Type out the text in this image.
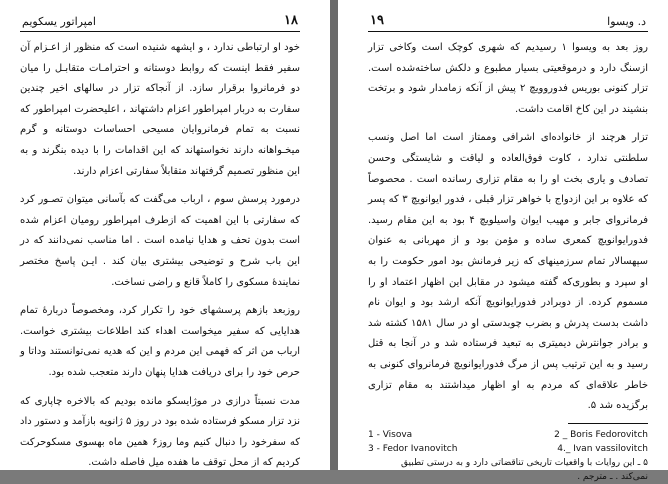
امپراتور یسکویم	۱۸

خود او ارتباطی ندارد ، و ایشهه شنیده است که منظور از اعـزام آن سفیر فقط اینست که روابط دوستانه و احترامـات متقابـل را میان دو فرمانروا برقرار سازد. از آنجاکه تزار در سالهای اخیر چندین سفارت به دربار امپراطور اعزام داشتهاند ، اعلیحضرت امپراطور که نسبت به تمام فرمانروایان مسیحی احساسات دوستانه و گرم میخـواهانه دارند نخواستهاند که این اقدامات را با دیده بنگرند و به این منظور تصمیم گرفتهاند متقابلاً سفارتی اعزام دارند.

درمورد پرسش سوم ، ارباب می‌گفت که بآسانی میتوان تصـور کرد که سفارتی با این اهمیت که ازطرف امپراطور رومیان اعزام شده است بدون تحف و هدایا نیامده است . اما مناسب نمی‌دانند که در این باب شرح و توضیحی بیشتری بیان کند . ایـن پاسخ مختصر نمایندۀ مسکوی را کاملاً قانع و راضی نساخت.

روزبعد بازهم پرسشهای خود را تکرار کرد، ومخصوصاً دربارۀ تمام هدایایی که سفیر میخواست اهداء کند اطلاعات بیشتری خواست. ارباب من اثر که فهمی این مردم و این که هدیه نمی‌توانستند وداتا و حرص خود را برای دریافت هدایا پنهان دارند متعجب شده بود.

مدت نسبتاً درازی در موژایسکو مانده بودیم که بالاخره چاپاری که نزد تزار مسکو فرستاده شده بود در روز ۵ ژانویه بازآمد و دستور داد که سفرخود را دنبال کنیم وما روز۶ همین ماه بهسوی مسکوحرکت کردیم که از محل توقف ما هفده میل فاصله داشت.

۱۹	د. ویسوا

روز بعد به ویسوا ۱ رسیدیم که شهری کوچک است وکاخی تزار ازسنگ دارد و درموقعیتی بسیار مطبوع و دلکش ساخته‌شده است. تزار کنونی بوریس فدوروویچ ۲ پیش از آنکه زمامدار شود و برتخت بنشیند در این کاخ اقامت داشت.

تزار هرچند از خانواده‌ای اشرافی وممتاز است اما اصل ونسب سلطنتی ندارد ، کاوت فوق‌العاده و لیاقت و شایستگی وحسن تصادف و یاری بخت او را به مقام تزاری رسانده است . محصوصاً که علاوه بر این ازدواج با خواهر تزار قبلی ، فدور ایوانویچ ۳ که پسر فرمانروای جابر و مهیب ایوان واسیلویچ ۴ بود به این مقام رسید. فدورایوانویچ کمعری ساده و مؤمن بود و از مهربانی به عنوان سپهسالار تمام سرزمینهای که زیر فرمانش بود امور حکومت را به او سپرد و بطوری‌که گفته میشود در مقابل این اظهار اعتماد او را مسموم کرده. از دوبرادر فدورایوانویچ آنکه ارشد بود و ایوان نام داشت بدست پدرش و بضرب چوبدستی او در سال ۱۵۸۱ کشته شد و برادر جوانترش دیمیتری به تبعید فرستاده شد و در آنجا به قتل رسید و به این ترتیب پس از مرگ فدورایوانویچ فرمانروای کنونی به خاطر علاقه‌ای که مردم به او اظهار میداشتند به مقام تزاری برگزیده شد ۵.

1 - Visova	2 _ Boris Fedorovitch
3 - Fedor Ivanovitch	4._ Ivan vassilovitch
۵ ـ این روایات با واقعیات تاریخی تناقضاتی دارد و به درستی تطبیق
نمی‌کند . ـ مترجم .
